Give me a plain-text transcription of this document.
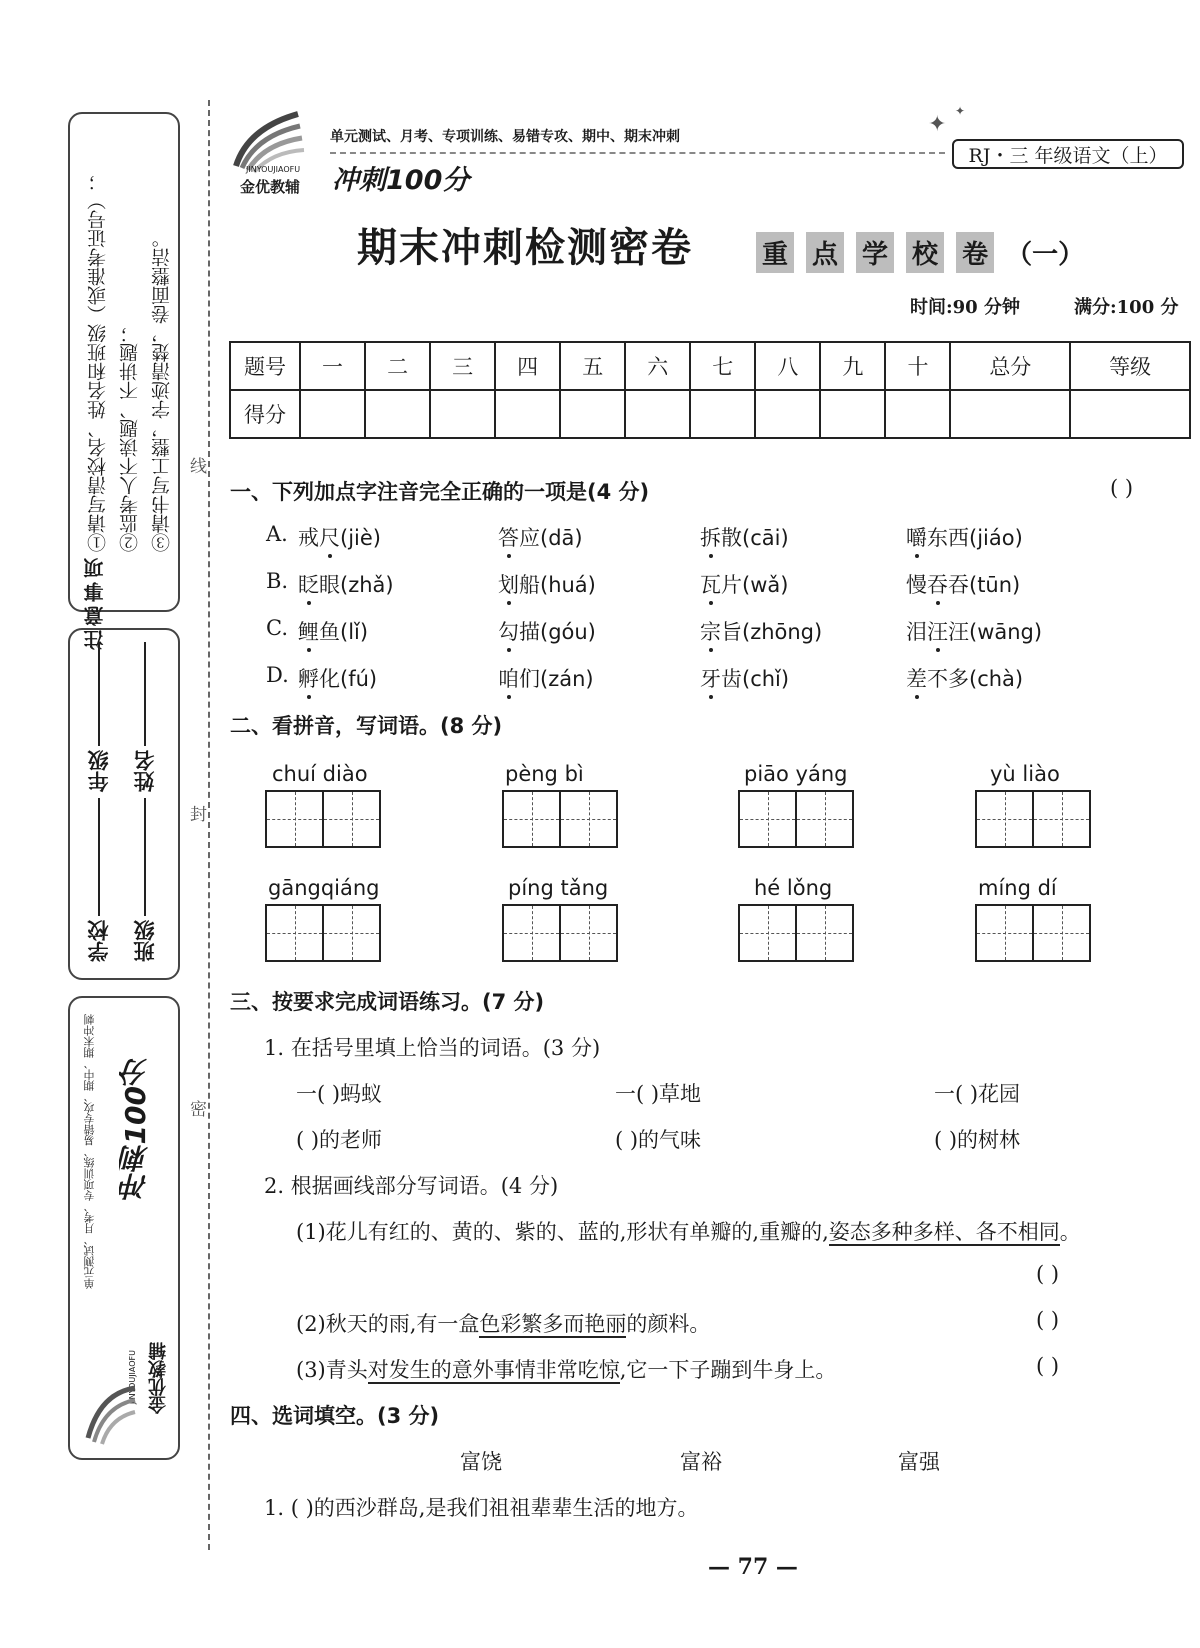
注意事项
①请写清校名、姓名和班级（或准考证号）； ②监考人不读题、不讲题； ③请书写工整，字迹清楚，卷面整洁。
学校
年级
班级
姓名
单元测试、月考、专项训练、易错专攻、期中、期末冲刺 冲刺100分
金优教辅
JINYOUJIAOFU
线
封
密
JINYOUJIAOFU
金优教辅
单元测试、月考、专项训练、易错专攻、期中、期末冲刺
冲刺100分
✦
✦
RJ・三 年级语文（上）
期末冲刺检测密卷	重 点 学 校 卷 （一）
时间:90 分钟	满分:100 分
题号	一	二	三	四	五	六	七	八	九	十	总分	等级
得分												
一、下列加点字注音完全正确的一项是(4 分)	( )
A. 戒尺(jiè)	答应(dā)	拆散(cāi)	嚼东西(jiáo)
B. 眨眼(zhǎ)	划船(huá)	瓦片(wǎ)	慢吞吞(tūn)
C. 鲤鱼(lǐ)	勾描(góu)	宗旨(zhōng)	泪汪汪(wāng)
D. 孵化(fú)	咱们(zán)	牙齿(chǐ)	差不多(chà)
二、看拼音，写词语。(8 分)
chuí diào	pèng bì	piāo yáng	yù liào
gāngqiáng	píng tǎng	hé lǒng	míng dí
三、按要求完成词语练习。(7 分)
1. 在括号里填上恰当的词语。(3 分)
一( )蚂蚁	一( )草地	一( )花园
( )的老师	( )的气味	( )的树林
2. 根据画线部分写词语。(4 分)
(1)花儿有红的、黄的、紫的、蓝的,形状有单瓣的,重瓣的,姿态多种多样、各不相同。
( )
(2)秋天的雨,有一盒色彩繁多而艳丽的颜料。	( )
(3)青头对发生的意外事情非常吃惊,它一下子蹦到牛身上。	( )
四、选词填空。(3 分)
富饶	富裕	富强
1. ( )的西沙群岛,是我们祖祖辈辈生活的地方。
— 77 —
